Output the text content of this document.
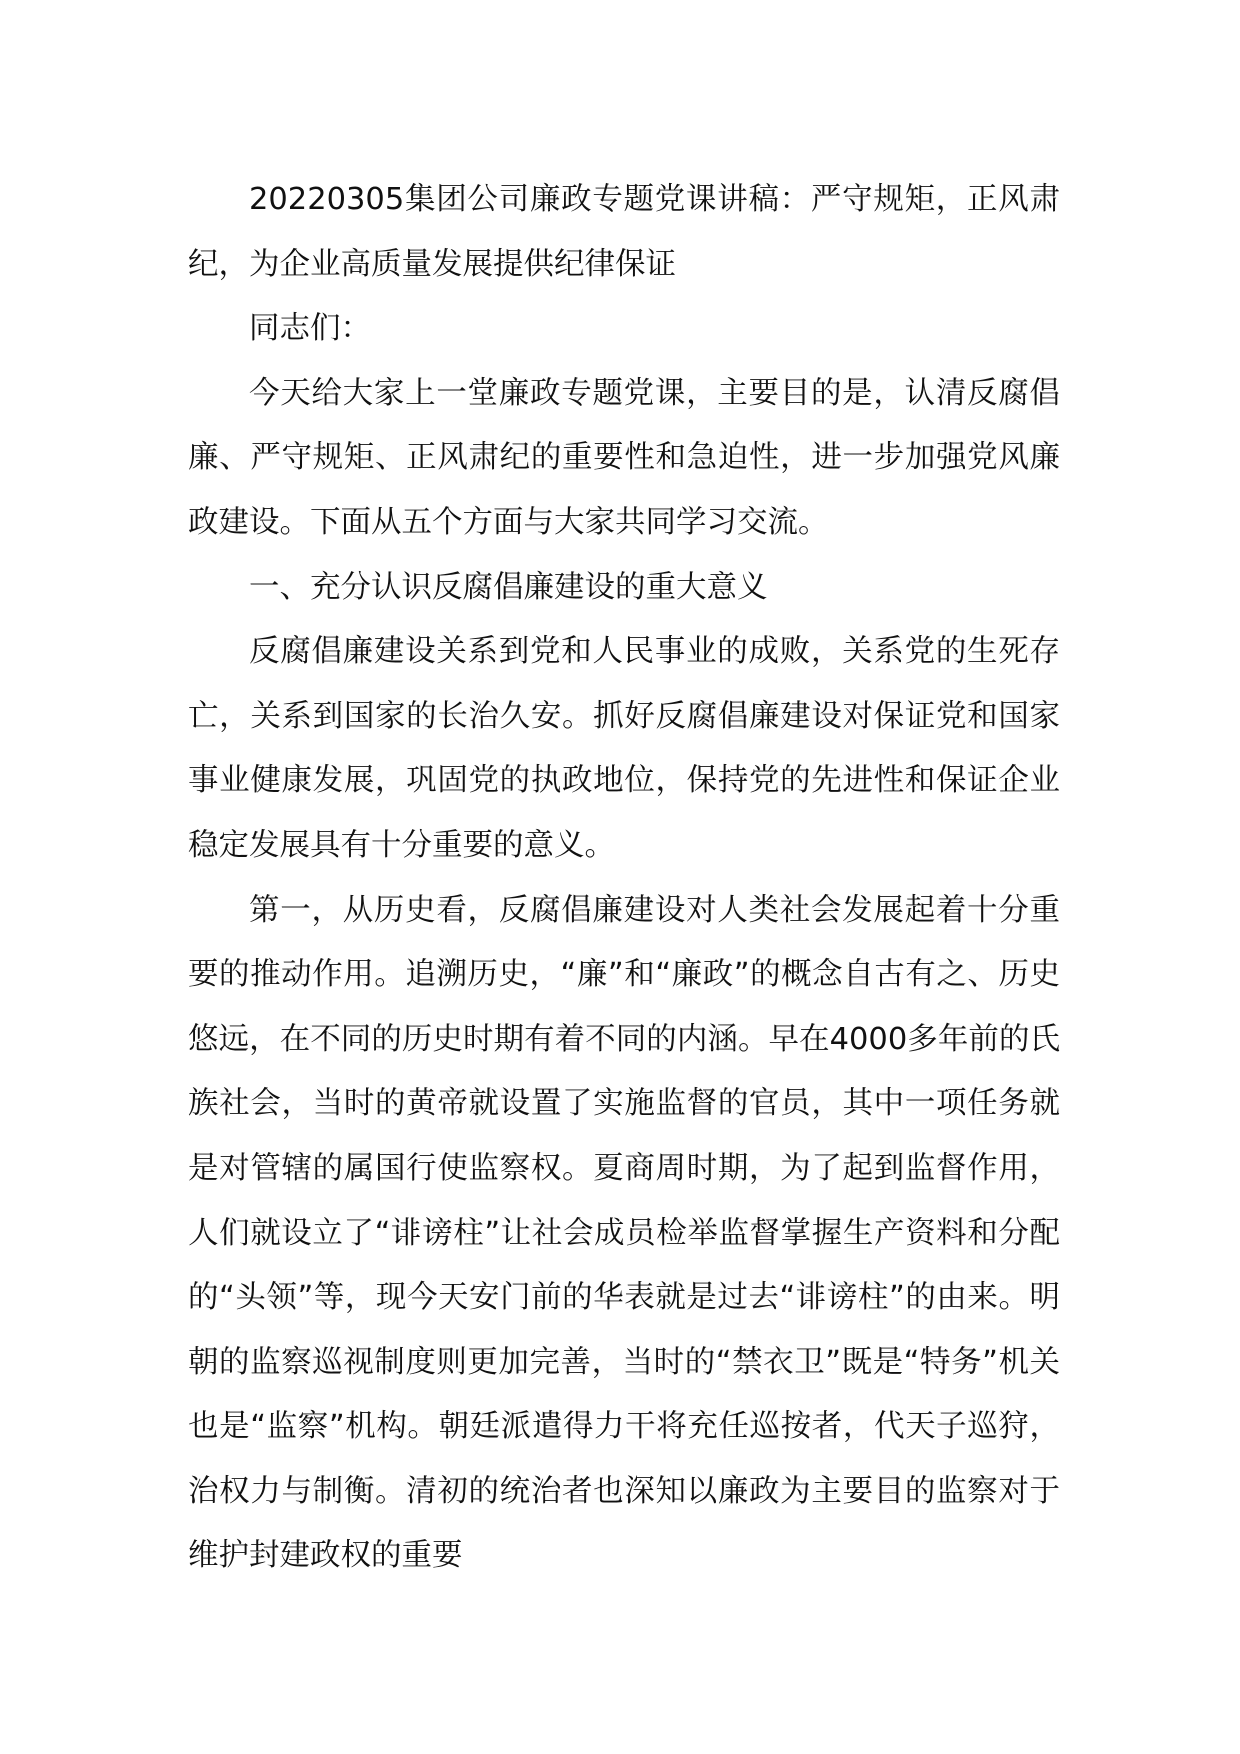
20220305集团公司廉政专题党课讲稿：严守规矩，正风肃纪，为企业高质量发展提供纪律保证

同志们：

今天给大家上一堂廉政专题党课，主要目的是，认清反腐倡廉、严守规矩、正风肃纪的重要性和急迫性，进一步加强党风廉政建设。下面从五个方面与大家共同学习交流。

一、充分认识反腐倡廉建设的重大意义

反腐倡廉建设关系到党和人民事业的成败，关系党的生死存亡，关系到国家的长治久安。抓好反腐倡廉建设对保证党和国家事业健康发展，巩固党的执政地位，保持党的先进性和保证企业稳定发展具有十分重要的意义。

第一，从历史看，反腐倡廉建设对人类社会发展起着十分重要的推动作用。追溯历史，“廉”和“廉政”的概念自古有之、历史悠远，在不同的历史时期有着不同的内涵。早在4000多年前的氏族社会，当时的黄帝就设置了实施监督的官员，其中一项任务就是对管辖的属国行使监察权。夏商周时期，为了起到监督作用，人们就设立了“诽谤柱”让社会成员检举监督掌握生产资料和分配的“头领”等，现今天安门前的华表就是过去“诽谤柱”的由来。明朝的监察巡视制度则更加完善，当时的“禁衣卫”既是“特务”机关也是“监察”机构。朝廷派遣得力干将充任巡按者，代天子巡狩，治权力与制衡。清初的统治者也深知以廉政为主要目的监察对于维护封建政权的重要
